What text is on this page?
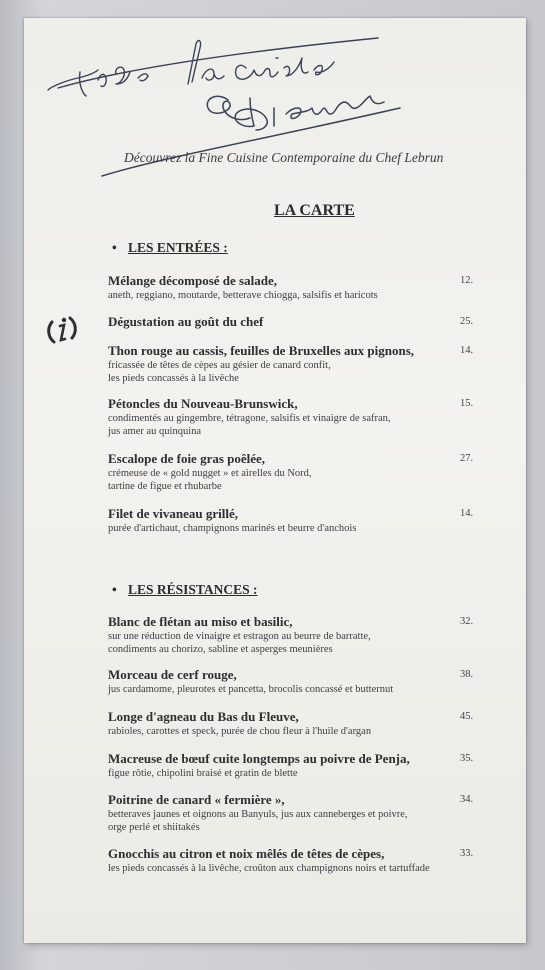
Découvrez la Fine Cuisine Contemporaine du Chef Lebrun
LA CARTE
• LES ENTRÉES :
Mélange décomposé de salade,
aneth, reggiano, moutarde, betterave chiogga, salsifis et haricots
12.
Dégustation au goût du chef	25.
Thon rouge au cassis, feuilles de Bruxelles aux pignons,
fricassée de têtes de cèpes au gésier de canard confit,
les pieds concassés à la livêche
14.
Pétoncles du Nouveau-Brunswick,
condimentés au gingembre, tétragone, salsifis et vinaigre de safran,
jus amer au quinquina
15.
Escalope de foie gras poêlée,
crémeuse de « gold nugget » et airelles du Nord,
tartine de figue et rhubarbe
27.
Filet de vivaneau grillé,
purée d'artichaut, champignons marinés et beurre d'anchois
14.
• LES RÉSISTANCES :
Blanc de flétan au miso et basilic,
sur une réduction de vinaigre et estragon au beurre de barratte,
condiments au chorizo, sabline et asperges meunières
32.
Morceau de cerf rouge,
jus cardamome, pleurotes et pancetta, brocolis concassé et butternut
38.
Longe d'agneau du Bas du Fleuve,
rabioles, carottes et speck, purée de chou fleur à l'huile d'argan
45.
Macreuse de bœuf cuite longtemps au poivre de Penja,
figue rôtie, chipolini braisé et gratin de blette
35.
Poitrine de canard « fermière »,
betteraves jaunes et oignons au Banyuls, jus aux canneberges et poivre,
orge perlé et shiitakés
34.
Gnocchis au citron et noix mêlés de têtes de cèpes,
les pieds concassés à la livêche, croûton aux champignons noirs et tartuffade
33.
